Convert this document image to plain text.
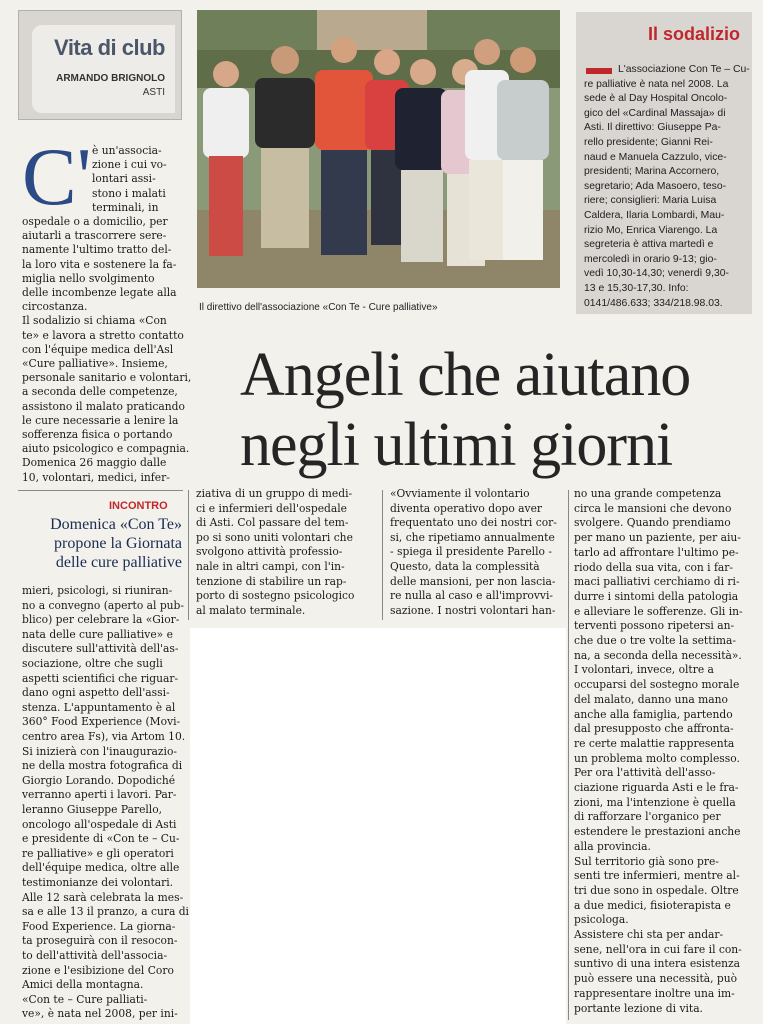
Vita di club
ARMANDO BRIGNOLO
ASTI
Il direttivo dell'associazione «Con Te - Cure palliative»
Il sodalizio
L'associazione Con Te – Cu-
re palliative è nata nel 2008. La
sede è al Day Hospital Oncolo-
gico del «Cardinal Massaja» di
Asti. Il direttivo: Giuseppe Pa-
rello presidente; Gianni Rei-
naud e Manuela Cazzulo, vice-
presidenti; Marina Accornero,
segretario; Ada Masoero, teso-
riere; consiglieri: Maria Luisa
Caldera, Ilaria Lombardi, Mau-
rizio Mo, Enrica Viarengo. La
segreteria è attiva martedì e
mercoledì in orario 9-13; gio-
vedì 10,30-14,30; venerdì 9,30-
13 e 15,30-17,30. Info:
0141/486.633; 334/218.98.03.
Angeli che aiutano
negli ultimi giorni
C' è un'associa-
zione i cui vo-
lontari assi-
stono i malati
terminali, in
ospedale o a domicilio, per
aiutarli a trascorrere sere-
namente l'ultimo tratto del-
la loro vita e sostenere la fa-
miglia nello svolgimento
delle incombenze legate alla
circostanza.
Il sodalizio si chiama «Con
te» e lavora a stretto contatto
con l'équipe medica dell'Asl
«Cure palliative». Insieme,
personale sanitario e volontari,
a seconda delle competenze,
assistono il malato praticando
le cure necessarie a lenire la
sofferenza fisica o portando
aiuto psicologico e compagnia.
Domenica 26 maggio dalle
10, volontari, medici, infer-
INCONTRO
Domenica «Con Te»
propone la Giornata
delle cure palliative
mieri, psicologi, si riuniran-
no a convegno (aperto al pub-
blico) per celebrare la «Gior-
nata delle cure palliative» e
discutere sull'attività dell'as-
sociazione, oltre che sugli
aspetti scientifici che riguar-
dano ogni aspetto dell'assi-
stenza. L'appuntamento è al
360° Food Experience (Movi-
centro area Fs), via Artom 10.
Si inizierà con l'inaugurazio-
ne della mostra fotografica di
Giorgio Lorando. Dopodiché
verranno aperti i lavori. Par-
leranno Giuseppe Parello,
oncologo all'ospedale di Asti
e presidente di «Con te – Cu-
re palliative» e gli operatori
dell'équipe medica, oltre alle
testimonianze dei volontari.
Alle 12 sarà celebrata la mes-
sa e alle 13 il pranzo, a cura di
Food Experience. La giorna-
ta proseguirà con il resocon-
to dell'attività dell'associa-
zione e l'esibizione del Coro
Amici della montagna.
«Con te – Cure palliati-
ve», è nata nel 2008, per ini-
ziativa di un gruppo di medi-
ci e infermieri dell'ospedale
di Asti. Col passare del tem-
po si sono uniti volontari che
svolgono attività professio-
nale in altri campi, con l'in-
tenzione di stabilire un rap-
porto di sostegno psicologico
al malato terminale.
«Ovviamente il volontario
diventa operativo dopo aver
frequentato uno dei nostri cor-
si, che ripetiamo annualmente
- spiega il presidente Parello -
Questo, data la complessità
delle mansioni, per non lascia-
re nulla al caso e all'improvvi-
sazione. I nostri volontari han-
no una grande competenza
circa le mansioni che devono
svolgere. Quando prendiamo
per mano un paziente, per aiu-
tarlo ad affrontare l'ultimo pe-
riodo della sua vita, con i far-
maci palliativi cerchiamo di ri-
durre i sintomi della patologia
e alleviare le sofferenze. Gli in-
terventi possono ripetersi an-
che due o tre volte la settima-
na, a seconda della necessità».
I volontari, invece, oltre a
occuparsi del sostegno morale
del malato, danno una mano
anche alla famiglia, partendo
dal presupposto che affronta-
re certe malattie rappresenta
un problema molto complesso.
Per ora l'attività dell'asso-
ciazione riguarda Asti e le fra-
zioni, ma l'intenzione è quella
di rafforzare l'organico per
estendere le prestazioni anche
alla provincia.
Sul territorio già sono pre-
senti tre infermieri, mentre al-
tri due sono in ospedale. Oltre
a due medici, fisioterapista e
psicologa.
Assistere chi sta per andar-
sene, nell'ora in cui fare il con-
suntivo di una intera esistenza
può essere una necessità, può
rappresentare inoltre una im-
portante lezione di vita.
